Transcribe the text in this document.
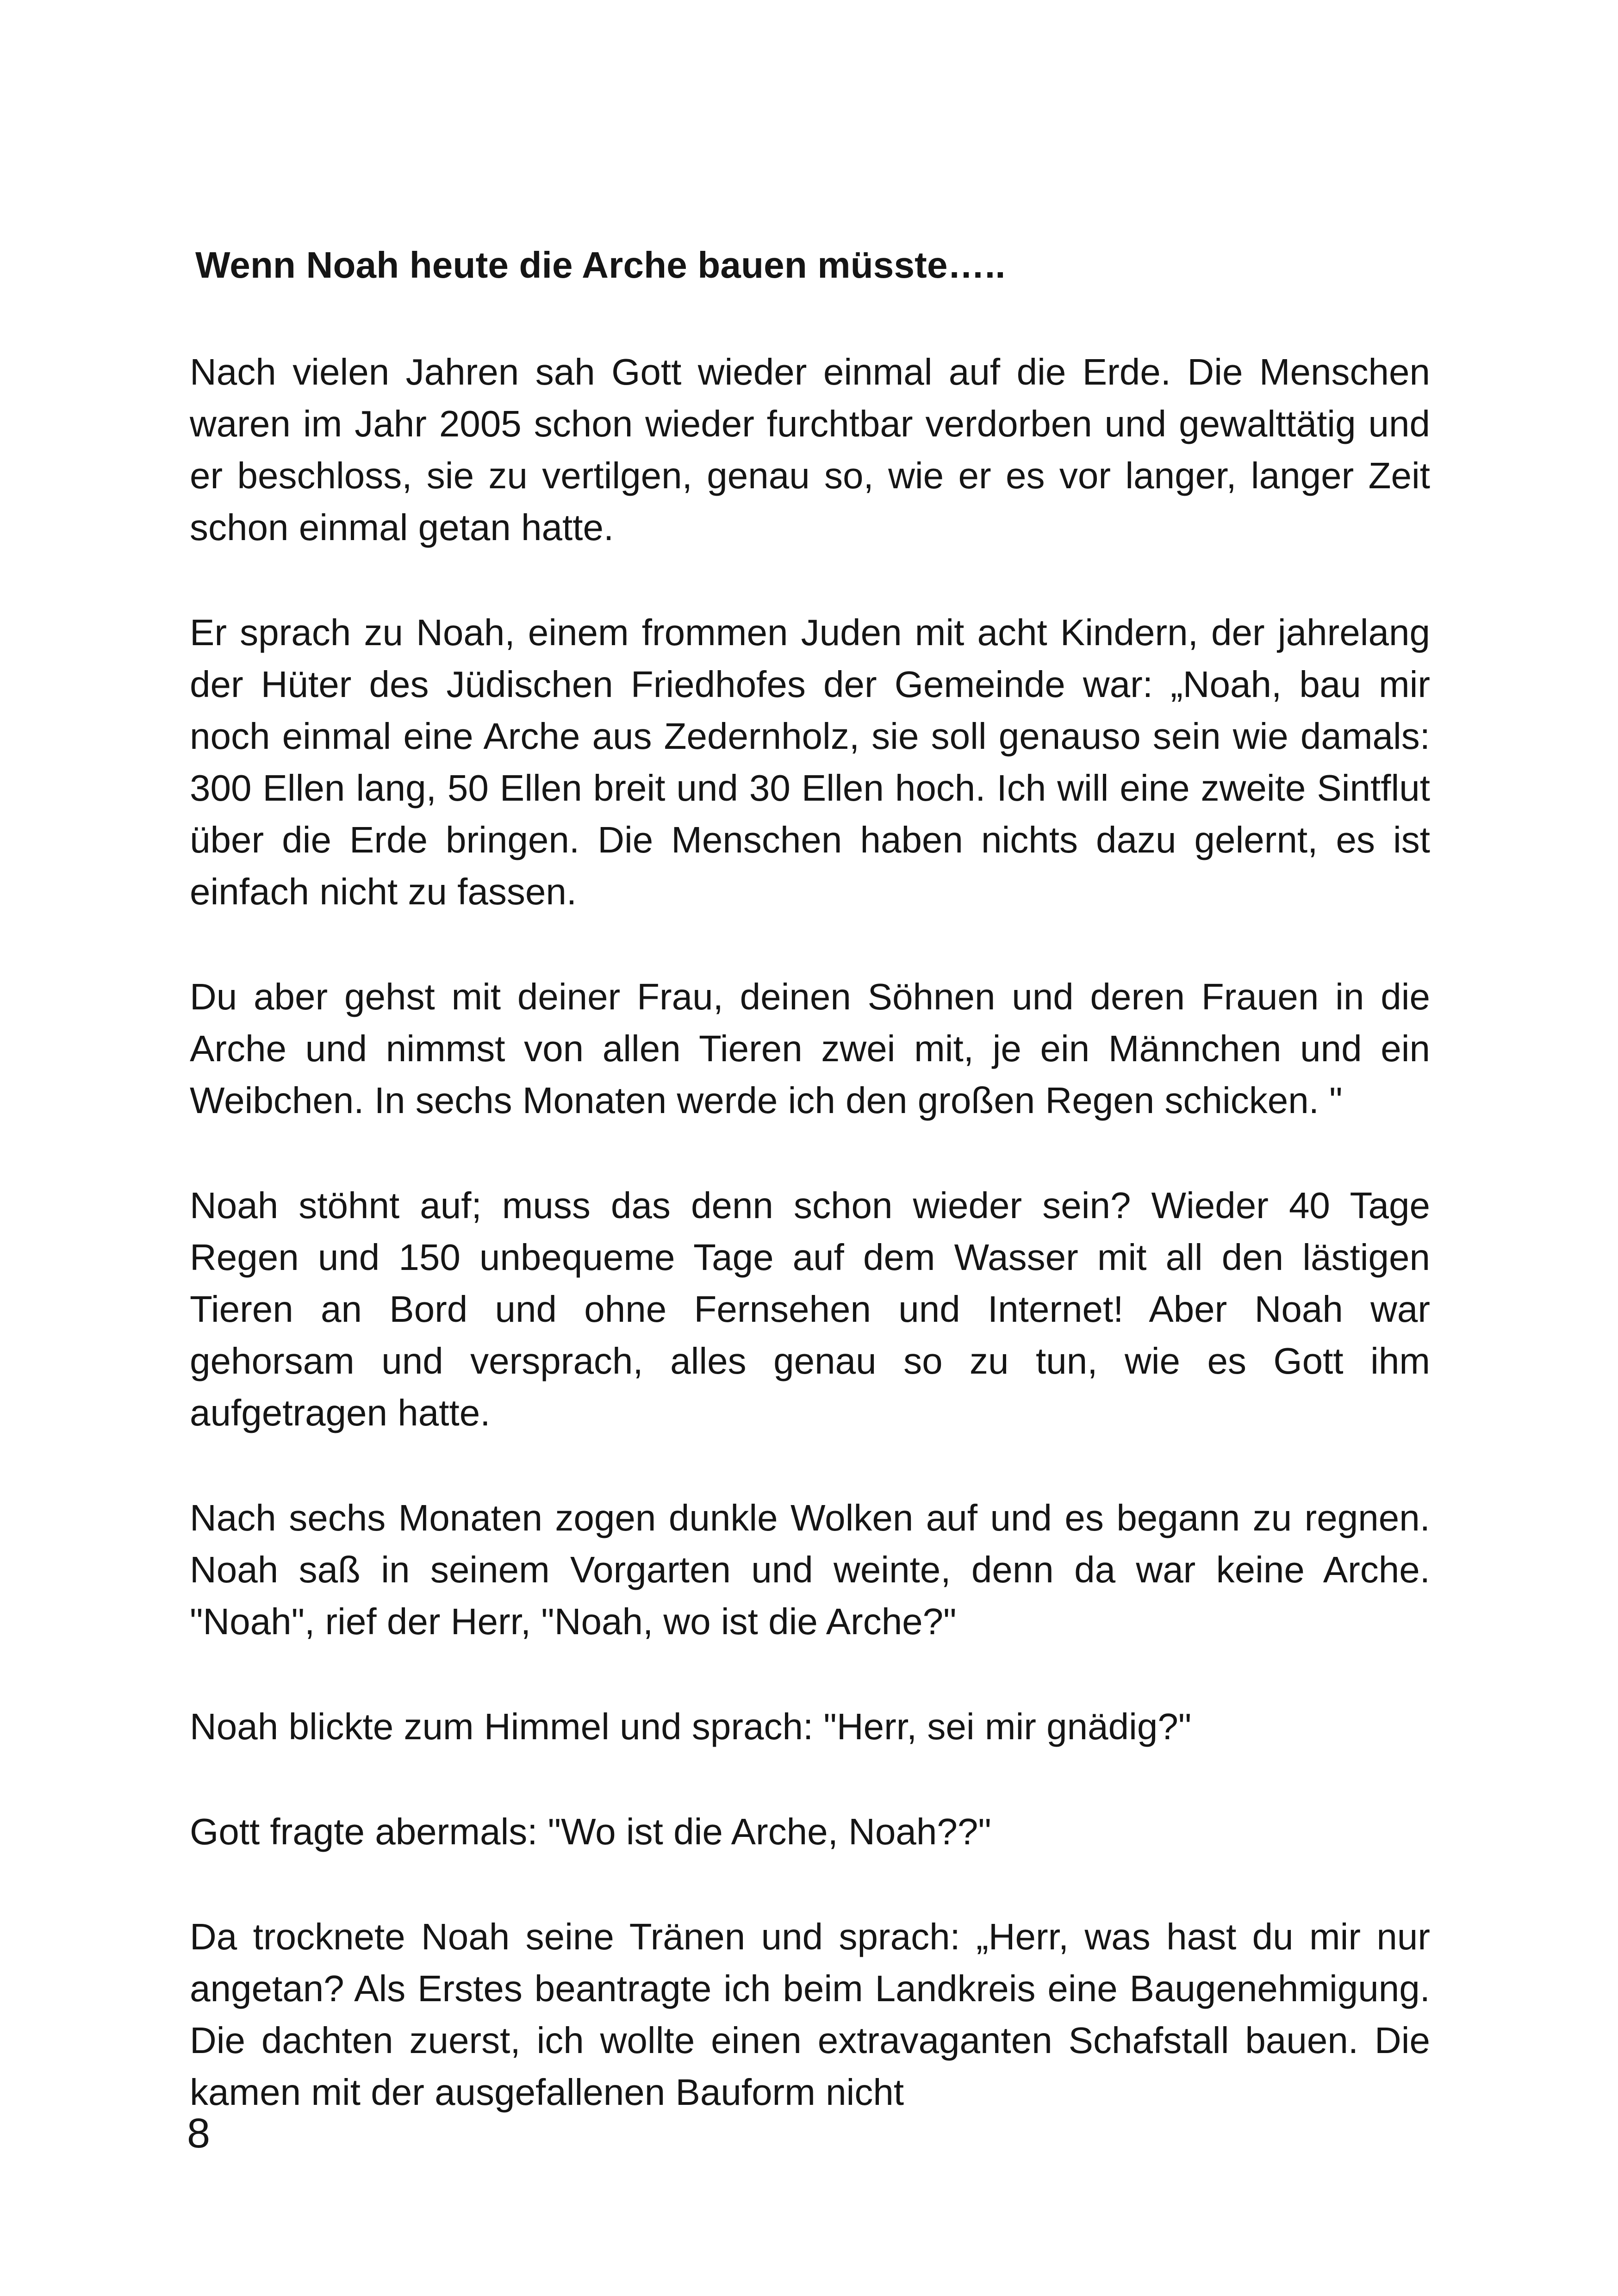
Wenn Noah heute die Arche bauen müsste…..

Nach vielen Jahren sah Gott wieder einmal auf die Erde. Die Menschen waren im Jahr 2005 schon wieder furchtbar verdorben und gewalttätig und er beschloss, sie zu vertilgen, genau so, wie er es vor langer, langer Zeit schon einmal getan hatte.

Er sprach zu Noah, einem frommen Juden mit acht Kindern, der jahrelang der Hüter des Jüdischen Friedhofes der Gemeinde war: „Noah, bau mir noch einmal eine Arche aus Zedernholz, sie soll genauso sein wie damals: 300 Ellen lang, 50 Ellen breit und 30 Ellen hoch. Ich will eine zweite Sintflut über die Erde bringen. Die Menschen haben nichts dazu gelernt, es ist einfach nicht zu fassen.

Du aber gehst mit deiner Frau, deinen Söhnen und deren Frauen in die Arche und nimmst von allen Tieren zwei mit, je ein Männchen und ein Weibchen. In sechs Monaten werde ich den großen Regen schicken. "

Noah stöhnt auf; muss das denn schon wieder sein? Wieder 40 Tage Regen und 150 unbequeme Tage auf dem Wasser mit all den lästigen Tieren an Bord und ohne Fernsehen und Internet! Aber Noah war gehorsam und versprach, alles genau so zu tun, wie es Gott ihm aufgetragen hatte.

Nach sechs Monaten zogen dunkle Wolken auf und es begann zu regnen. Noah saß in seinem Vorgarten und weinte, denn da war keine Arche. "Noah", rief der Herr, "Noah, wo ist die Arche?"

Noah blickte zum Himmel und sprach: "Herr, sei mir gnädig?"

Gott fragte abermals: "Wo ist die Arche, Noah??"

Da trocknete Noah seine Tränen und sprach: „Herr, was hast du mir nur angetan? Als Erstes beantragte ich beim Landkreis eine Baugenehmigung. Die dachten zuerst, ich wollte einen extravaganten Schafstall bauen. Die kamen mit der ausgefallenen Bauform nicht

8
